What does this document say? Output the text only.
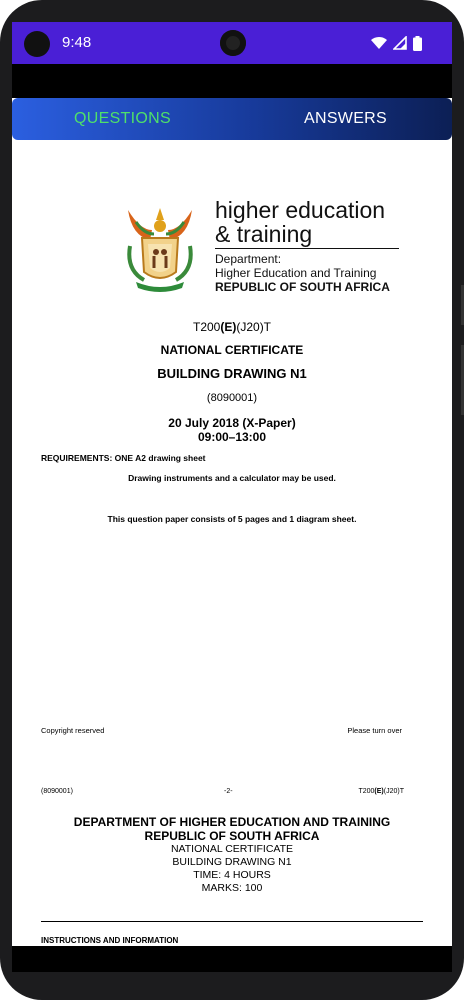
9:48
QUESTIONS	ANSWERS
higher education
& training
Department:
Higher Education and Training
REPUBLIC OF SOUTH AFRICA
T200(E)(J20)T
NATIONAL CERTIFICATE
BUILDING DRAWING N1
(8090001)
20 July 2018 (X-Paper)
09:00–13:00
REQUIREMENTS: ONE A2 drawing sheet
Drawing instruments and a calculator may be used.
This question paper consists of 5 pages and 1 diagram sheet.
Copyright reserved	Please turn over
(8090001)	-2-	T200(E)(J20)T
DEPARTMENT OF HIGHER EDUCATION AND TRAINING
REPUBLIC OF SOUTH AFRICA
NATIONAL CERTIFICATE
BUILDING DRAWING N1
TIME: 4 HOURS
MARKS: 100
INSTRUCTIONS AND INFORMATION
